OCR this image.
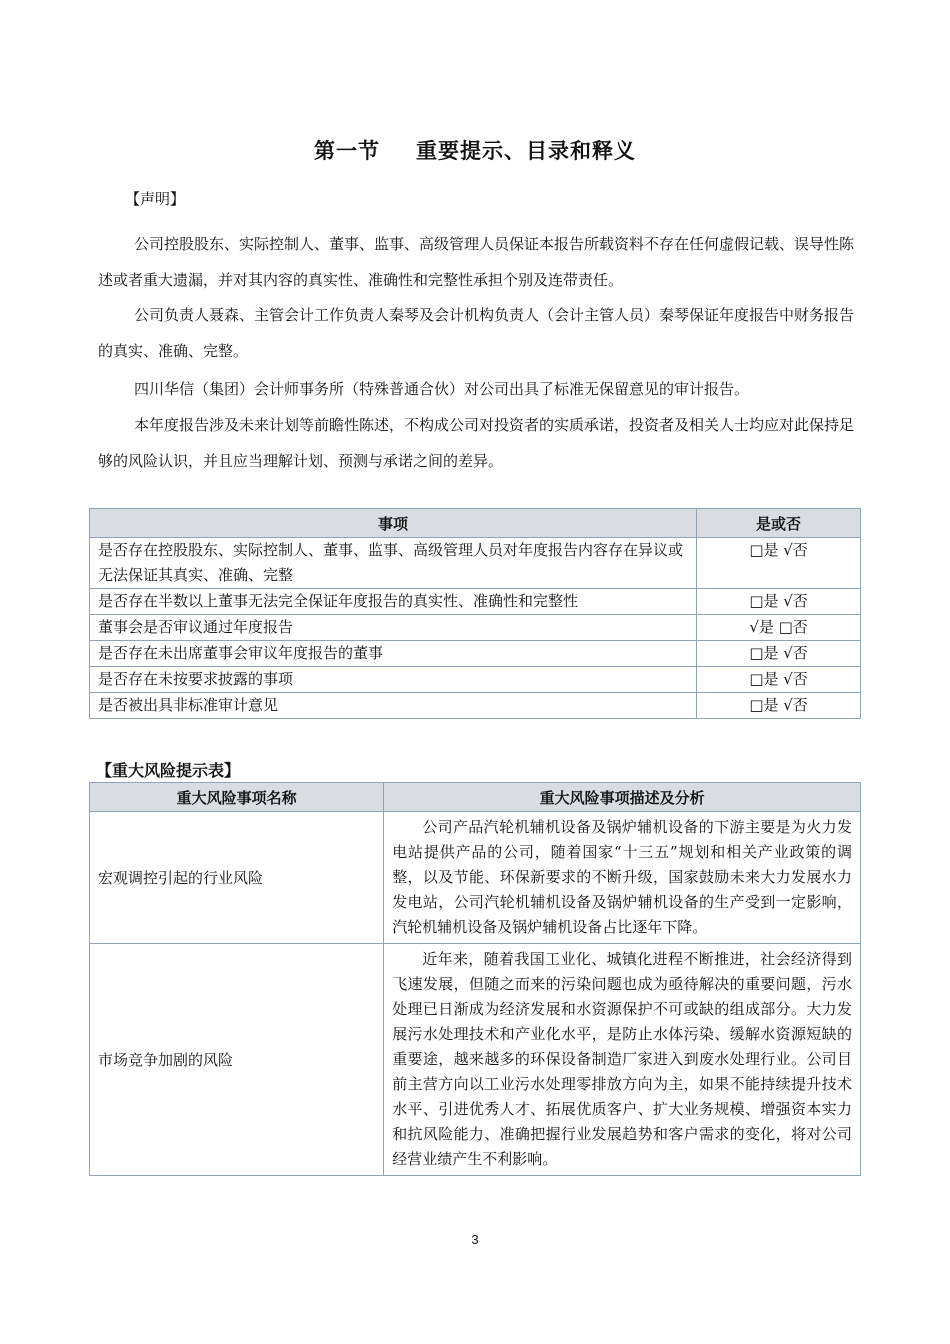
第一节 重要提示、目录和释义
【声明】
公司控股股东、实际控制人、董事、监事、高级管理人员保证本报告所载资料不存在任何虚假记载、误导性陈述或者重大遗漏，并对其内容的真实性、准确性和完整性承担个别及连带责任。
公司负责人聂森、主管会计工作负责人秦琴及会计机构负责人（会计主管人员）秦琴保证年度报告中财务报告的真实、准确、完整。
四川华信（集团）会计师事务所（特殊普通合伙）对公司出具了标准无保留意见的审计报告。
本年度报告涉及未来计划等前瞻性陈述，不构成公司对投资者的实质承诺，投资者及相关人士均应对此保持足够的风险认识，并且应当理解计划、预测与承诺之间的差异。
事项	是或否
是否存在控股股东、实际控制人、董事、监事、高级管理人员对年度报告内容存在异议或无法保证其真实、准确、完整	□是 √否
是否存在半数以上董事无法完全保证年度报告的真实性、准确性和完整性	□是 √否
董事会是否审议通过年度报告	√是 □否
是否存在未出席董事会审议年度报告的董事	□是 √否
是否存在未按要求披露的事项	□是 √否
是否被出具非标准审计意见	□是 √否
【重大风险提示表】
重大风险事项名称	重大风险事项描述及分析
宏观调控引起的行业风险	公司产品汽轮机辅机设备及锅炉辅机设备的下游主要是为火力发电站提供产品的公司，随着国家“十三五”规划和相关产业政策的调整，以及节能、环保新要求的不断升级，国家鼓励未来大力发展水力发电站，公司汽轮机辅机设备及锅炉辅机设备的生产受到一定影响，汽轮机辅机设备及锅炉辅机设备占比逐年下降。
市场竞争加剧的风险	近年来，随着我国工业化、城镇化进程不断推进，社会经济得到飞速发展，但随之而来的污染问题也成为亟待解决的重要问题，污水处理已日渐成为经济发展和水资源保护不可或缺的组成部分。大力发展污水处理技术和产业化水平，是防止水体污染、缓解水资源短缺的重要途，越来越多的环保设备制造厂家进入到废水处理行业。公司目前主营方向以工业污水处理零排放方向为主，如果不能持续提升技术水平、引进优秀人才、拓展优质客户、扩大业务规模、增强资本实力和抗风险能力、准确把握行业发展趋势和客户需求的变化，将对公司经营业绩产生不利影响。
3
